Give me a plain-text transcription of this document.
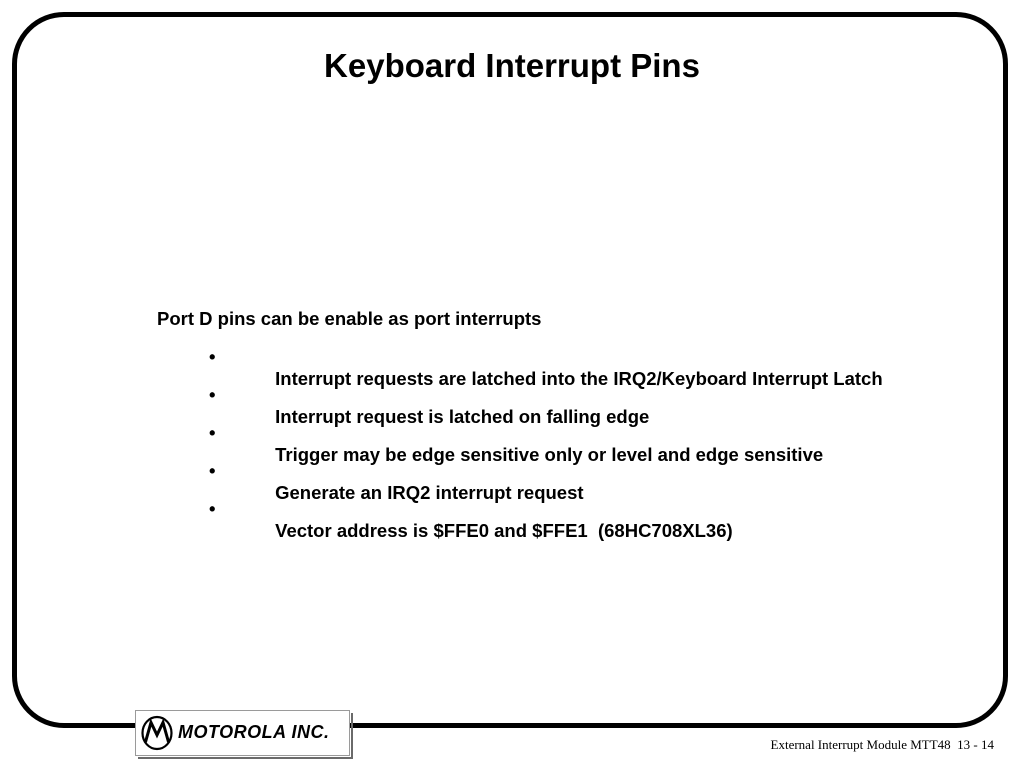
Keyboard Interrupt Pins
Port D pins can be enable as port interrupts

•
Interrupt requests are latched into the IRQ2/Keyboard Interrupt Latch

•
Interrupt request is latched on falling edge

•
Trigger may be edge sensitive only or level and edge sensitive

•
Generate an IRQ2 interrupt request

•
Vector address is $FFE0 and $FFE1  (68HC708XL36)

MOTOROLA INC.
External Interrupt Module MTT48  13 - 14
